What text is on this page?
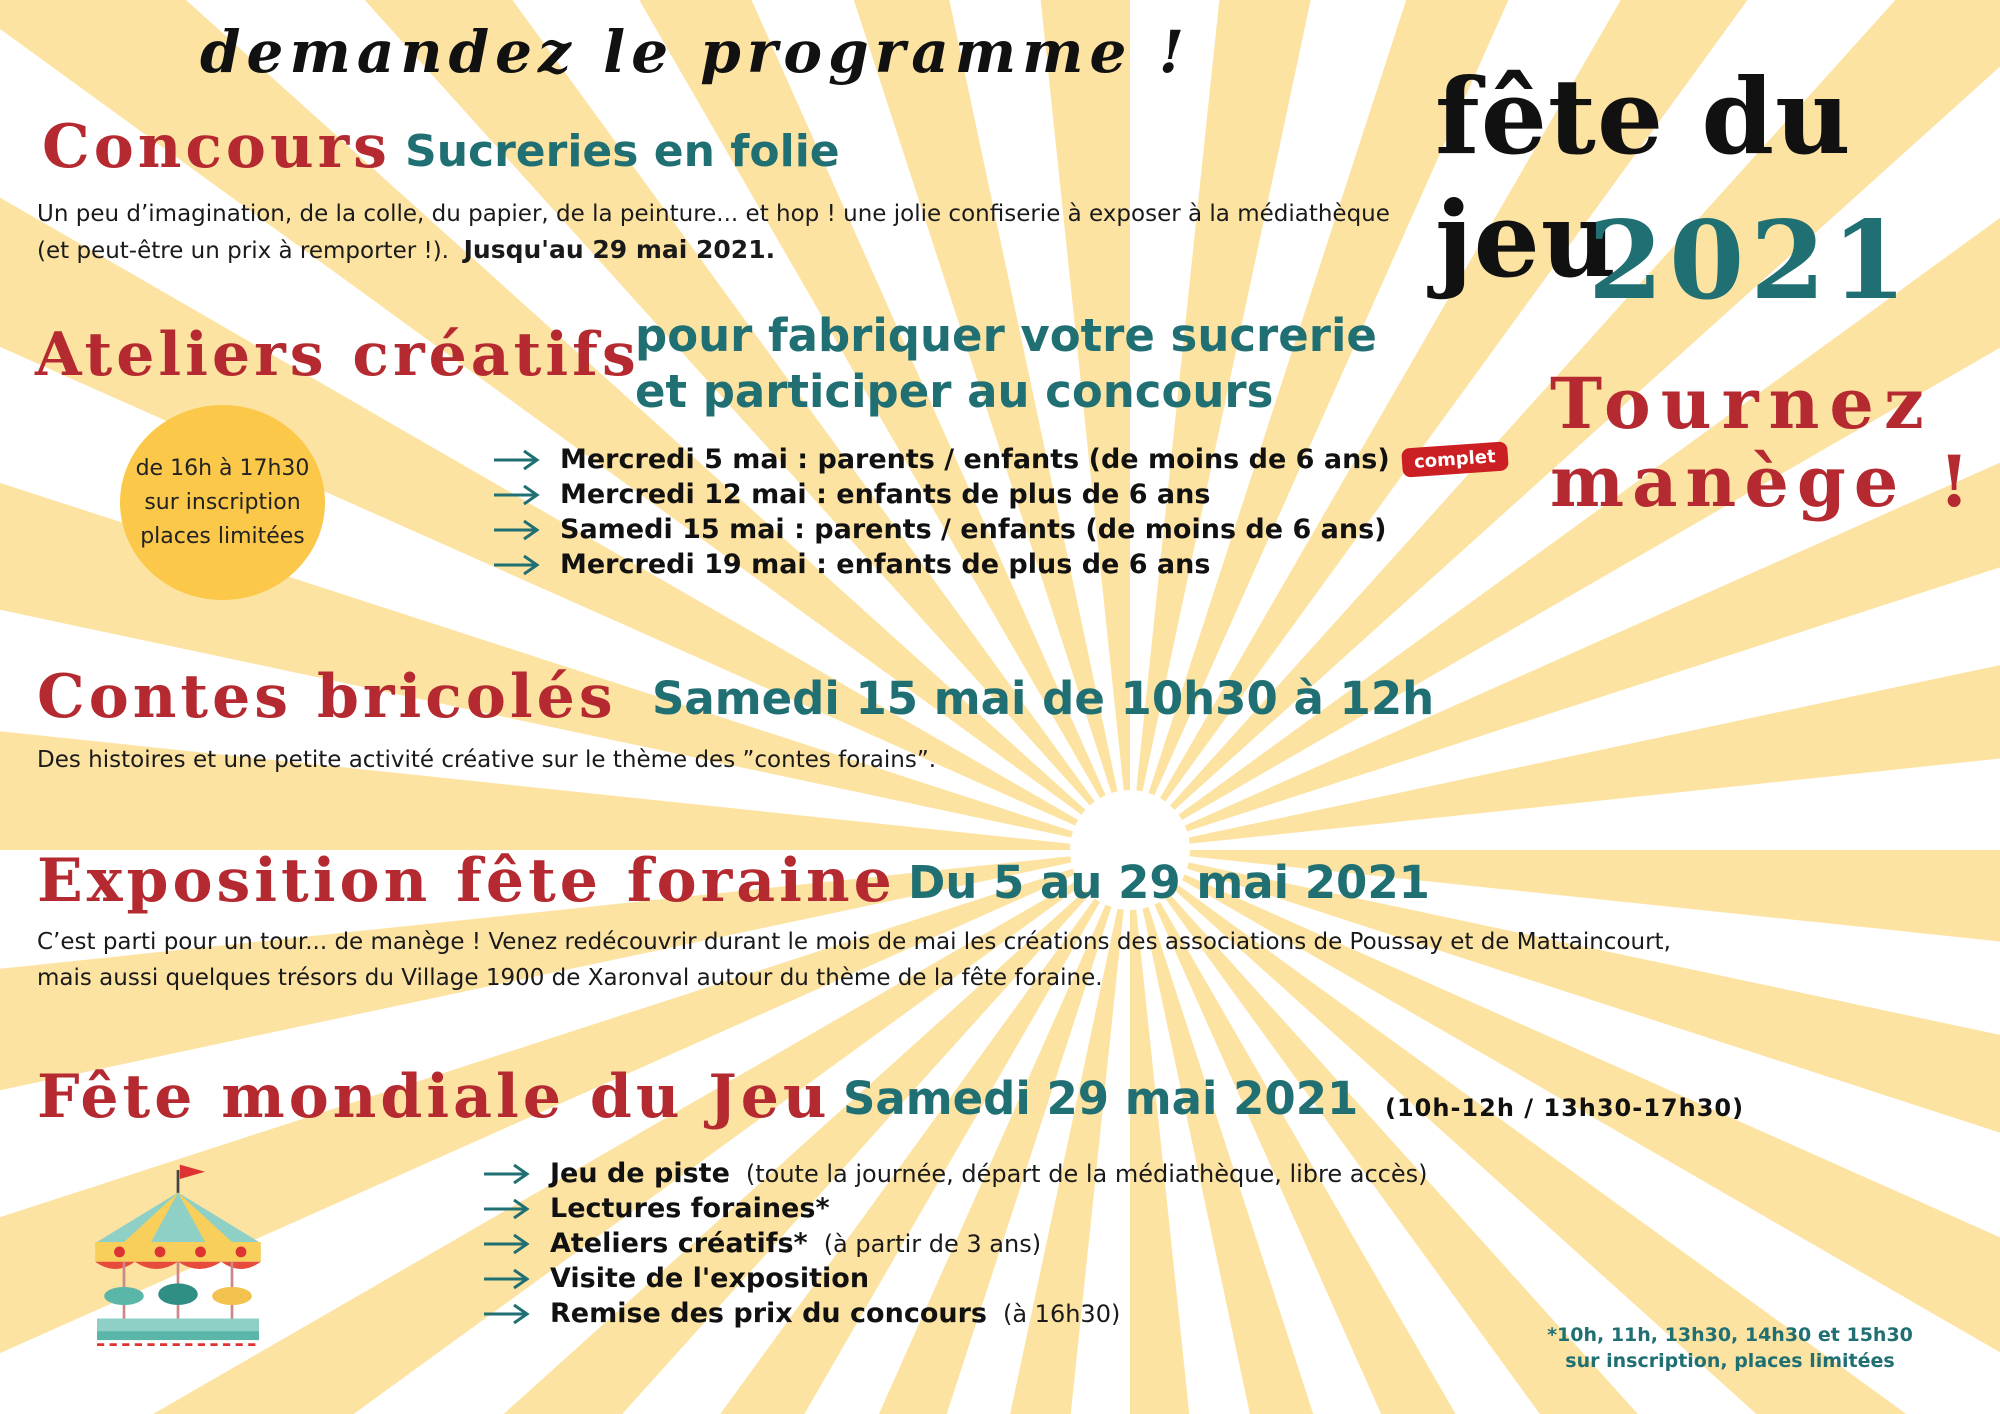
demandez le programme !
fête du jeu
2021
Tournez
manège !
Concours Sucreries en folie
Un peu d’imagination, de la colle, du papier, de la peinture... et hop ! une jolie confiserie à exposer à la médiathèque
(et peut-être un prix à remporter !). Jusqu'au 29 mai 2021.
Ateliers créatifs
pour fabriquer votre sucrerie
et participer au concours
de 16h à 17h30
sur inscription
places limitées
Mercredi 5 mai : parents / enfants (de moins de 6 ans)	complet
Mercredi 12 mai : enfants de plus de 6 ans
Samedi 15 mai : parents / enfants (de moins de 6 ans)
Mercredi 19 mai : enfants de plus de 6 ans
Contes bricolés Samedi 15 mai de 10h30 à 12h
Des histoires et une petite activité créative sur le thème des ”contes forains”.
Exposition fête foraine Du 5 au 29 mai 2021
C’est parti pour un tour... de manège ! Venez redécouvrir durant le mois de mai les créations des associations de Poussay et de Mattaincourt,
mais aussi quelques trésors du Village 1900 de Xaronval autour du thème de la fête foraine.
Fête mondiale du Jeu Samedi 29 mai 2021 (10h-12h / 13h30-17h30)
Jeu de piste (toute la journée, départ de la médiathèque, libre accès)
Lectures foraines*
Ateliers créatifs* (à partir de 3 ans)
Visite de l'exposition
Remise des prix du concours (à 16h30)
*10h, 11h, 13h30, 14h30 et 15h30
sur inscription, places limitées
